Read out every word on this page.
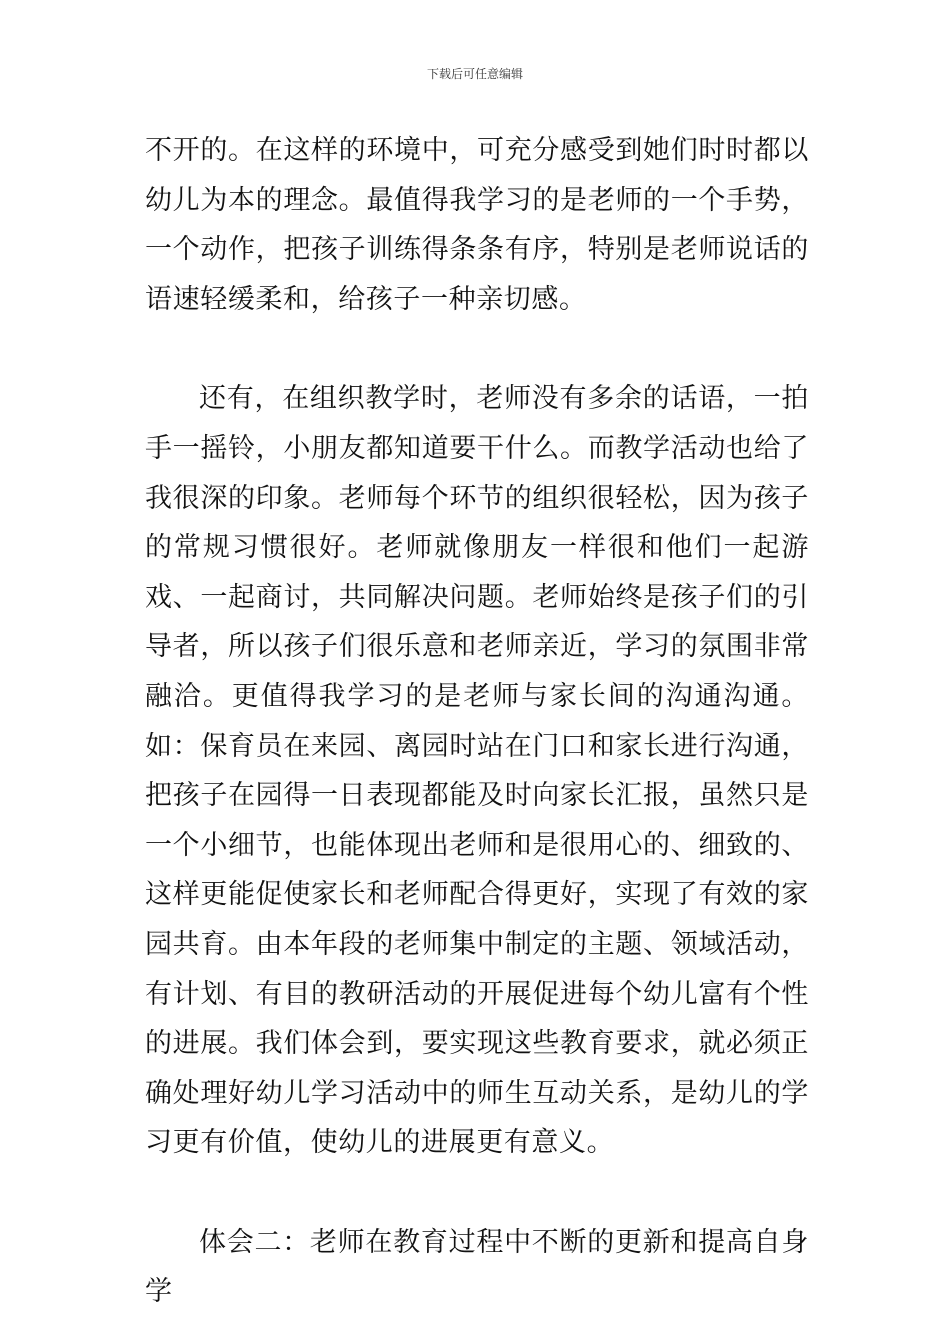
下载后可任意编辑

不开的。在这样的环境中，可充分感受到她们时时都以幼儿为本的理念。最值得我学习的是老师的一个手势，一个动作，把孩子训练得条条有序，特别是老师说话的语速轻缓柔和，给孩子一种亲切感。

还有，在组织教学时，老师没有多余的话语，一拍手一摇铃，小朋友都知道要干什么。而教学活动也给了我很深的印象。老师每个环节的组织很轻松，因为孩子的常规习惯很好。老师就像朋友一样很和他们一起游戏、一起商讨，共同解决问题。老师始终是孩子们的引导者，所以孩子们很乐意和老师亲近，学习的氛围非常融洽。更值得我学习的是老师与家长间的沟通沟通。如：保育员在来园、离园时站在门口和家长进行沟通，把孩子在园得一日表现都能及时向家长汇报，虽然只是一个小细节，也能体现出老师和是很用心的、细致的、这样更能促使家长和老师配合得更好，实现了有效的家园共育。由本年段的老师集中制定的主题、领域活动，有计划、有目的教研活动的开展促进每个幼儿富有个性的进展。我们体会到，要实现这些教育要求，就必须正确处理好幼儿学习活动中的师生互动关系，是幼儿的学习更有价值，使幼儿的进展更有意义。

体会二：老师在教育过程中不断的更新和提高自身学
